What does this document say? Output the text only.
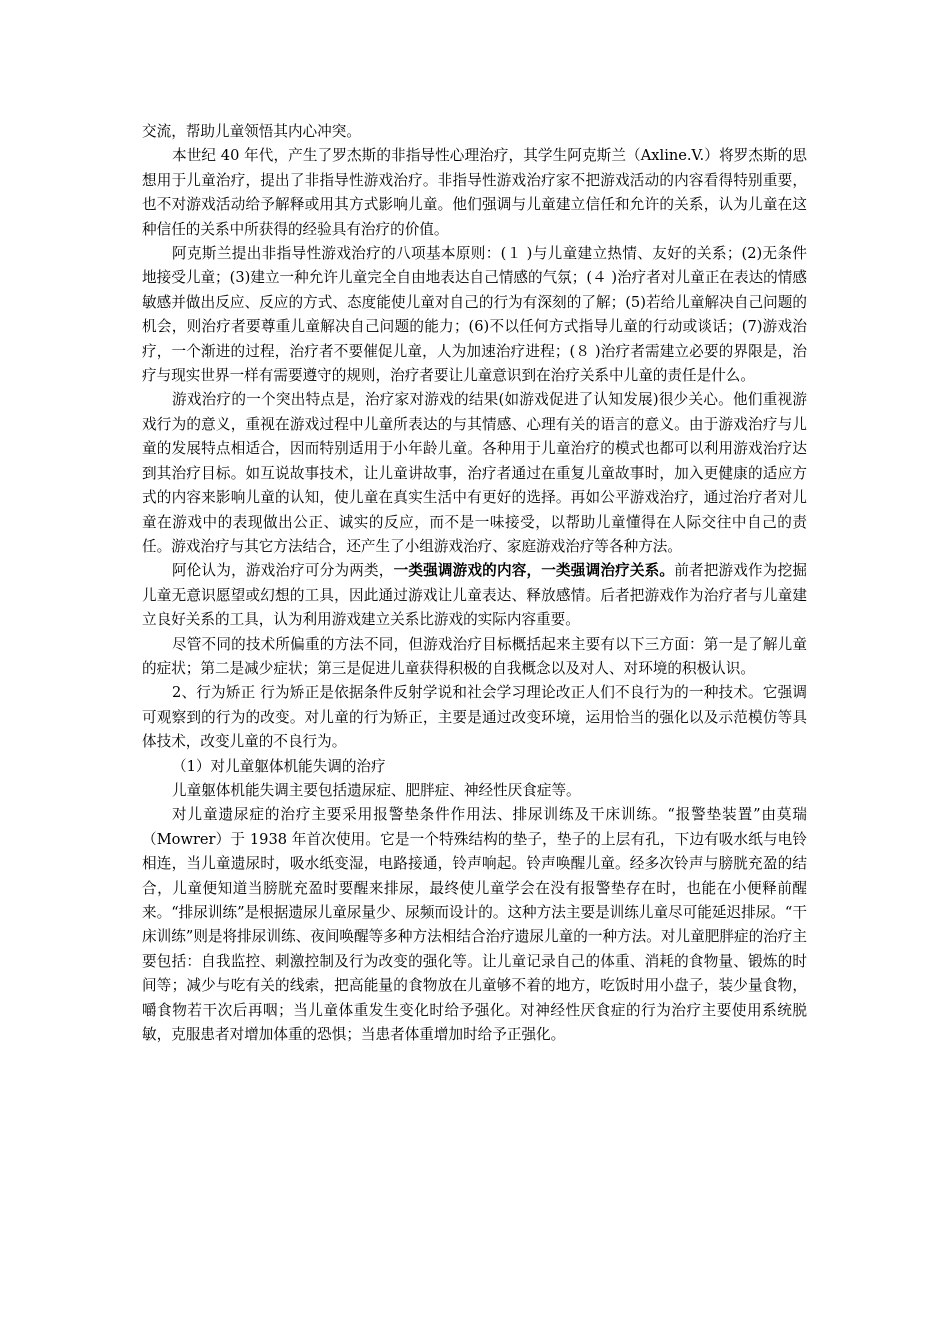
交流，帮助儿童领悟其内心冲突。

本世纪 40 年代，产生了罗杰斯的非指导性心理治疗，其学生阿克斯兰（Axline.V.）将罗杰斯的思想用于儿童治疗，提出了非指导性游戏治疗。非指导性游戏治疗家不把游戏活动的内容看得特别重要，也不对游戏活动给予解释或用其方式影响儿童。他们强调与儿童建立信任和允许的关系，认为儿童在这种信任的关系中所获得的经验具有治疗的价值。

阿克斯兰提出非指导性游戏治疗的八项基本原则：(１ )与儿童建立热情、友好的关系；(2)无条件地接受儿童；(3)建立一种允许儿童完全自由地表达自己情感的气氛；(４ )治疗者对儿童正在表达的情感敏感并做出反应、反应的方式、态度能使儿童对自己的行为有深刻的了解；(5)若给儿童解决自己问题的机会，则治疗者要尊重儿童解决自己问题的能力；(6)不以任何方式指导儿童的行动或谈话；(7)游戏治疗，一个渐进的过程，治疗者不要催促儿童，人为加速治疗进程；(８ )治疗者需建立必要的界限是，治疗与现实世界一样有需要遵守的规则，治疗者要让儿童意识到在治疗关系中儿童的责任是什么。

游戏治疗的一个突出特点是，治疗家对游戏的结果(如游戏促进了认知发展)很少关心。他们重视游戏行为的意义，重视在游戏过程中儿童所表达的与其情感、心理有关的语言的意义。由于游戏治疗与儿童的发展特点相适合，因而特别适用于小年龄儿童。各种用于儿童治疗的模式也都可以利用游戏治疗达到其治疗目标。如互说故事技术，让儿童讲故事，治疗者通过在重复儿童故事时，加入更健康的适应方式的内容来影响儿童的认知，使儿童在真实生活中有更好的选择。再如公平游戏治疗，通过治疗者对儿童在游戏中的表现做出公正、诚实的反应，而不是一味接受，以帮助儿童懂得在人际交往中自己的责任。游戏治疗与其它方法结合，还产生了小组游戏治疗、家庭游戏治疗等各种方法。

阿伦认为，游戏治疗可分为两类，一类强调游戏的内容，一类强调治疗关系。前者把游戏作为挖掘儿童无意识愿望或幻想的工具，因此通过游戏让儿童表达、释放感情。后者把游戏作为治疗者与儿童建立良好关系的工具，认为利用游戏建立关系比游戏的实际内容重要。

尽管不同的技术所偏重的方法不同，但游戏治疗目标概括起来主要有以下三方面：第一是了解儿童的症状；第二是减少症状；第三是促进儿童获得积极的自我概念以及对人、对环境的积极认识。

2、行为矫正 行为矫正是依据条件反射学说和社会学习理论改正人们不良行为的一种技术。它强调可观察到的行为的改变。对儿童的行为矫正，主要是通过改变环境，运用恰当的强化以及示范模仿等具体技术，改变儿童的不良行为。

（1）对儿童躯体机能失调的治疗

儿童躯体机能失调主要包括遗尿症、肥胖症、神经性厌食症等。

对儿童遗尿症的治疗主要采用报警垫条件作用法、排尿训练及干床训练。“报警垫装置”由莫瑞（Mowrer）于 1938 年首次使用。它是一个特殊结构的垫子，垫子的上层有孔，下边有吸水纸与电铃相连，当儿童遗尿时，吸水纸变湿，电路接通，铃声响起。铃声唤醒儿童。经多次铃声与膀胱充盈的结合，儿童便知道当膀胱充盈时要醒来排尿，最终使儿童学会在没有报警垫存在时，也能在小便释前醒来。“排尿训练”是根据遗尿儿童尿量少、尿频而设计的。这种方法主要是训练儿童尽可能延迟排尿。“干床训练”则是将排尿训练、夜间唤醒等多种方法相结合治疗遗尿儿童的一种方法。对儿童肥胖症的治疗主要包括：自我监控、刺激控制及行为改变的强化等。让儿童记录自己的体重、消耗的食物量、锻炼的时间等；减少与吃有关的线索，把高能量的食物放在儿童够不着的地方，吃饭时用小盘子，装少量食物，嚼食物若干次后再咽；当儿童体重发生变化时给予强化。对神经性厌食症的行为治疗主要使用系统脱敏，克服患者对增加体重的恐惧；当患者体重增加时给予正强化。
